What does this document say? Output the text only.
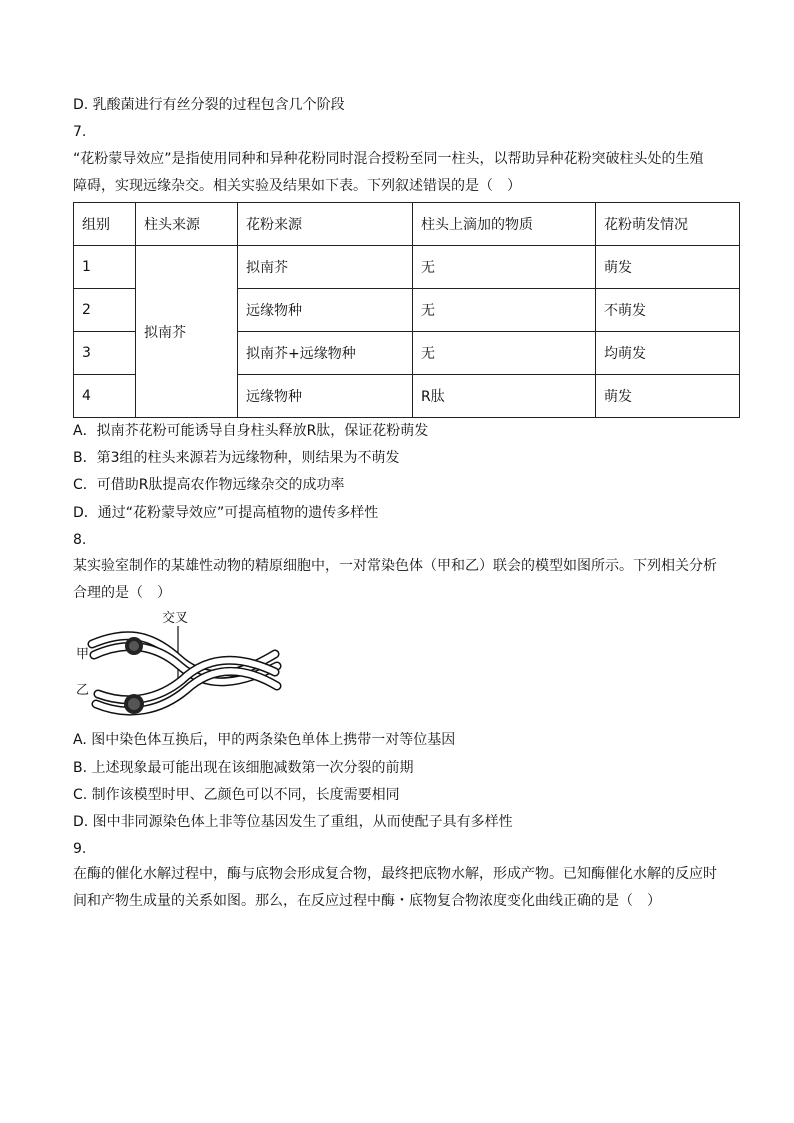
D. 乳酸菌进行有丝分裂的过程包含几个阶段
7.
“花粉蒙导效应”是指使用同种和异种花粉同时混合授粉至同一柱头，以帮助异种花粉突破柱头处的生殖
障碍，实现远缘杂交。相关实验及结果如下表。下列叙述错误的是（　）
组别	柱头来源	花粉来源	柱头上滴加的物质	花粉萌发情况
1	拟南芥	拟南芥	无	萌发
2		远缘物种	无	不萌发
3		拟南芥+远缘物种	无	均萌发
4		远缘物种	R肽	萌发
A．拟南芥花粉可能诱导自身柱头释放R肽，保证花粉萌发
B．第3组的柱头来源若为远缘物种，则结果为不萌发
C．可借助R肽提高农作物远缘杂交的成功率
D．通过“花粉蒙导效应”可提高植物的遗传多样性
8.
某实验室制作的某雄性动物的精原细胞中，一对常染色体（甲和乙）联会的模型如图所示。下列相关分析
合理的是（　）
交叉
甲
乙
A. 图中染色体互换后，甲的两条染色单体上携带一对等位基因
B. 上述现象最可能出现在该细胞减数第一次分裂的前期
C. 制作该模型时甲、乙颜色可以不同，长度需要相同
D. 图中非同源染色体上非等位基因发生了重组，从而使配子具有多样性
9.
在酶的催化水解过程中，酶与底物会形成复合物，最终把底物水解，形成产物。已知酶催化水解的反应时
间和产物生成量的关系如图。那么，在反应过程中酶・底物复合物浓度变化曲线正确的是（　）
